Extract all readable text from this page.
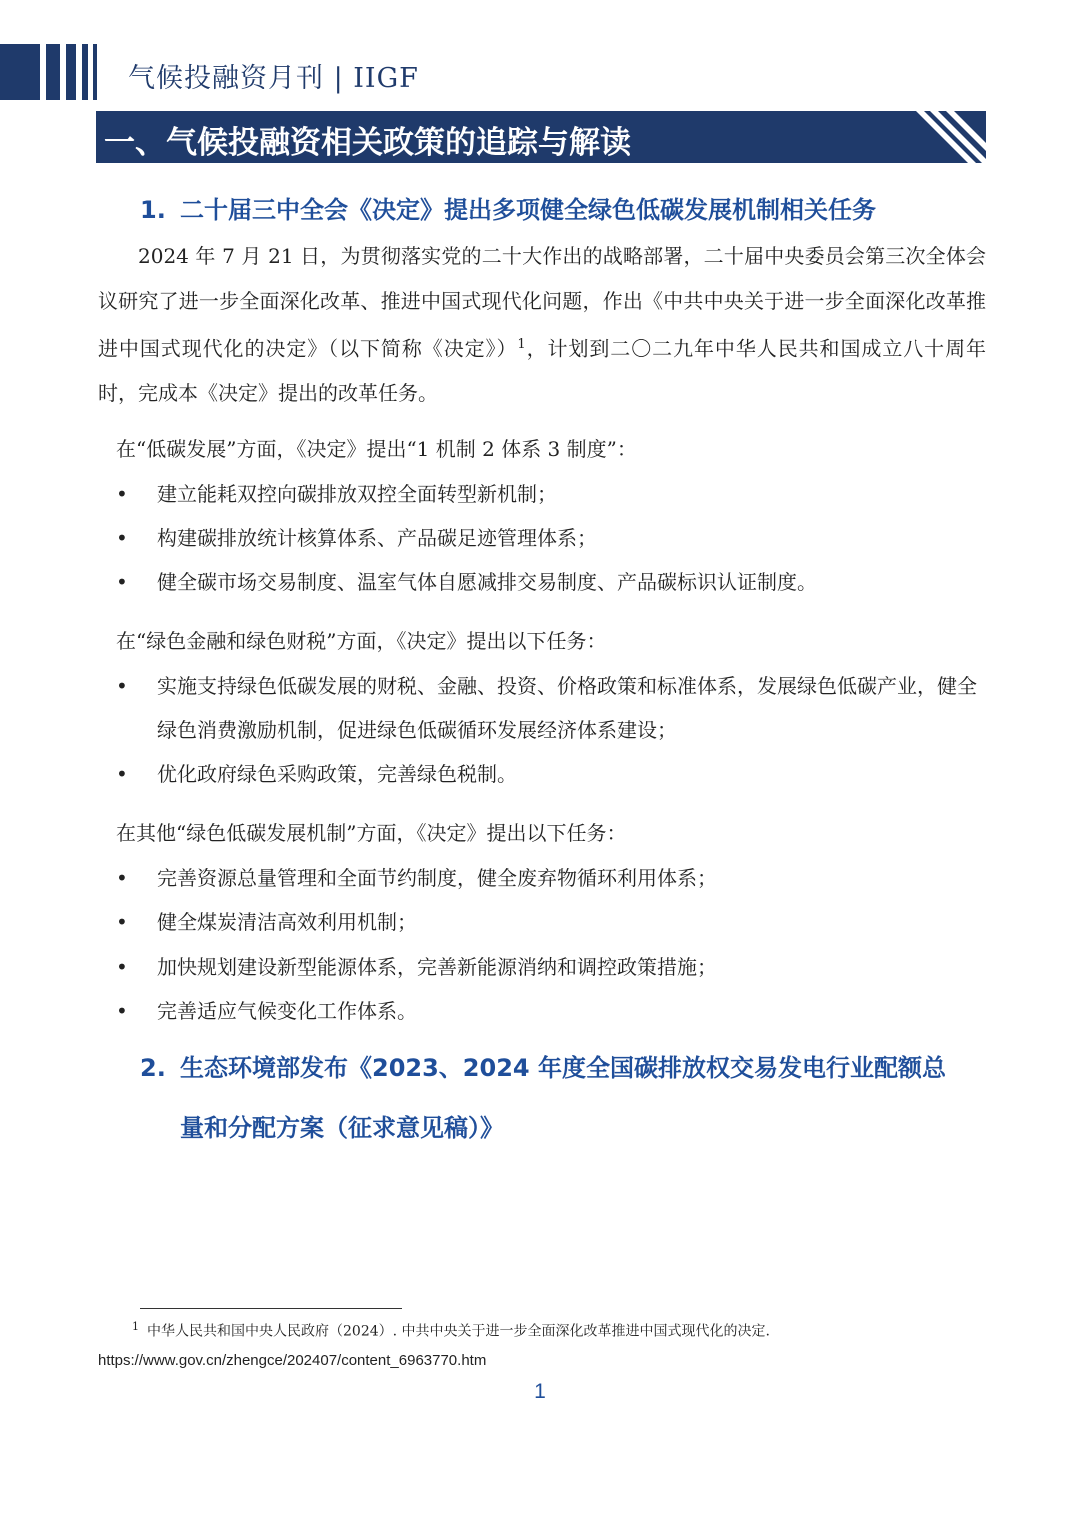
气候投融资月刊 | IIGF

一、气候投融资相关政策的追踪与解读

1. 二十届三中全会《决定》提出多项健全绿色低碳发展机制相关任务

2024 年 7 月 21 日，为贯彻落实党的二十大作出的战略部署，二十届中央委员会第三次全体会议研究了进一步全面深化改革、推进中国式现代化问题，作出《中共中央关于进一步全面深化改革推进中国式现代化的决定》（以下简称《决定》）$^1$，计划到二〇二九年中华人民共和国成立八十周年时，完成本《决定》提出的改革任务。

在“低碳发展”方面，《决定》提出“1 机制 2 体系 3 制度”：

• 建立能耗双控向碳排放双控全面转型新机制；

• 构建碳排放统计核算体系、产品碳足迹管理体系；

• 健全碳市场交易制度、温室气体自愿减排交易制度、产品碳标识认证制度。

在“绿色金融和绿色财税”方面，《决定》提出以下任务：

• 实施支持绿色低碳发展的财税、金融、投资、价格政策和标准体系，发展绿色低碳产业，健全绿色消费激励机制，促进绿色低碳循环发展经济体系建设；

• 优化政府绿色采购政策，完善绿色税制。

在其他“绿色低碳发展机制”方面，《决定》提出以下任务：

• 完善资源总量管理和全面节约制度，健全废弃物循环利用体系；

• 健全煤炭清洁高效利用机制；

• 加快规划建设新型能源体系，完善新能源消纳和调控政策措施；

• 完善适应气候变化工作体系。

2. 生态环境部发布《2023、2024 年度全国碳排放权交易发电行业配额总
量和分配方案（征求意见稿）》

$^1$ 中华人民共和国中央人民政府（2024）. 中共中央关于进一步全面深化改革推进中国式现代化的决定.

https://www.gov.cn/zhengce/202407/content_6963770.htm

1
